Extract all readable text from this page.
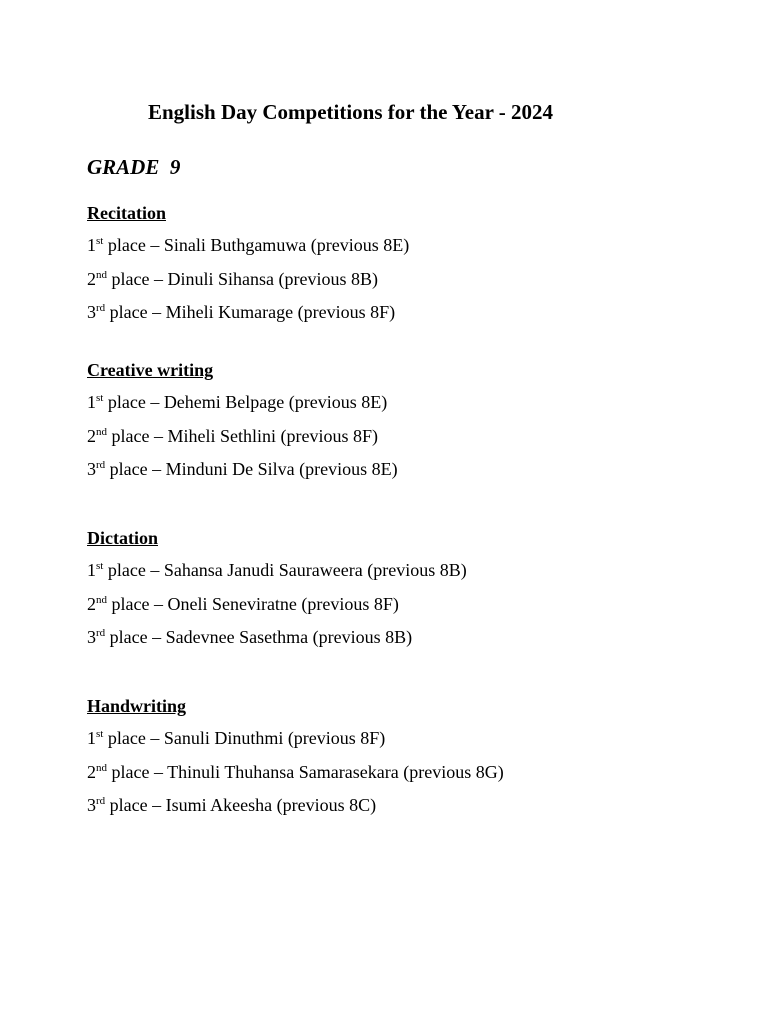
English Day Competitions for the Year - 2024
GRADE  9
Recitation
1st place – Sinali Buthgamuwa (previous 8E)
2nd place – Dinuli Sihansa (previous 8B)
3rd place – Miheli Kumarage (previous 8F)
Creative writing
1st place – Dehemi Belpage (previous 8E)
2nd place – Miheli Sethlini (previous 8F)
3rd place – Minduni De Silva (previous 8E)
Dictation
1st place – Sahansa Janudi Sauraweera (previous 8B)
2nd place – Oneli Seneviratne (previous 8F)
3rd place – Sadevnee Sasethma (previous 8B)
Handwriting
1st place – Sanuli Dinuthmi (previous 8F)
2nd place – Thinuli Thuhansa Samarasekara (previous 8G)
3rd place – Isumi Akeesha (previous 8C)
